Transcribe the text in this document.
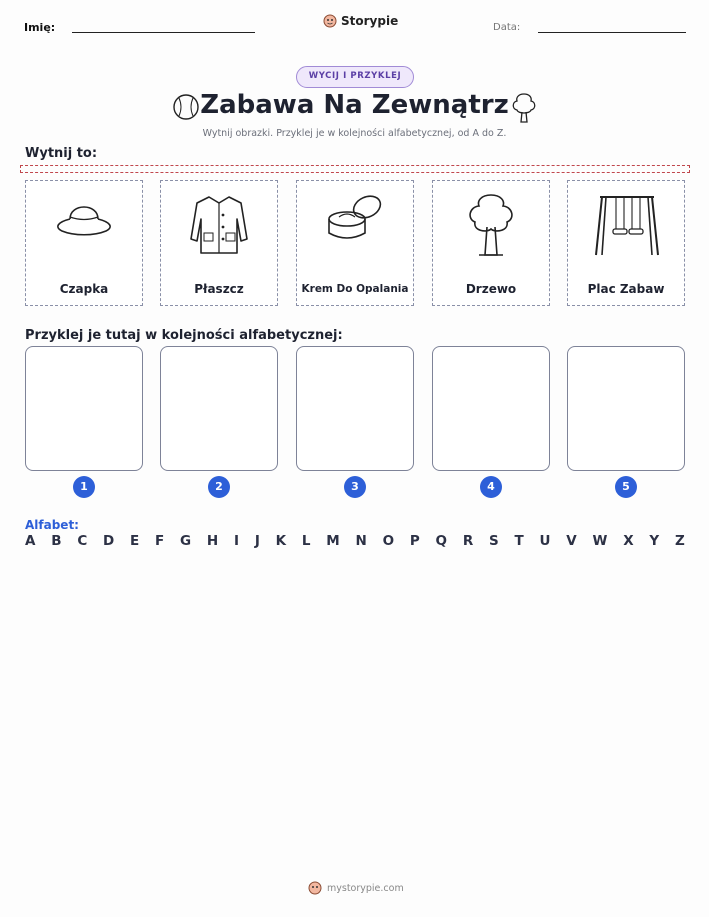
Imię:	Storypie	Data:
WYCIJ I PRZYKLEJ
Zabawa Na Zewnątrz
Wytnij obrazki. Przyklej je w kolejności alfabetycznej, od A do Z.
Wytnij to:
Czapka	Płaszcz	Krem Do Opalania	Drzewo	Plac Zabaw
Przyklej je tutaj w kolejności alfabetycznej:
1	2	3	4	5
Alfabet:
A B C D E F G H I J K L M N O P Q R S T U V W X Y Z
mystorypie.com
